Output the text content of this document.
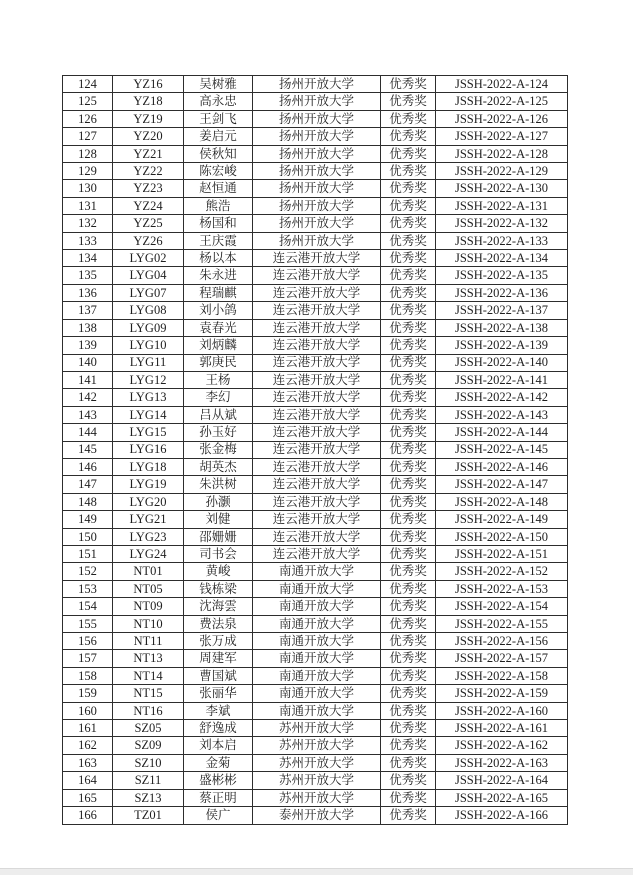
124	YZ16	吴树雅	扬州开放大学	优秀奖	JSSH-2022-A-124
125	YZ18	高永忠	扬州开放大学	优秀奖	JSSH-2022-A-125
126	YZ19	王剑飞	扬州开放大学	优秀奖	JSSH-2022-A-126
127	YZ20	姜启元	扬州开放大学	优秀奖	JSSH-2022-A-127
128	YZ21	侯秋知	扬州开放大学	优秀奖	JSSH-2022-A-128
129	YZ22	陈宏峻	扬州开放大学	优秀奖	JSSH-2022-A-129
130	YZ23	赵恒通	扬州开放大学	优秀奖	JSSH-2022-A-130
131	YZ24	熊浩	扬州开放大学	优秀奖	JSSH-2022-A-131
132	YZ25	杨国和	扬州开放大学	优秀奖	JSSH-2022-A-132
133	YZ26	王庆霞	扬州开放大学	优秀奖	JSSH-2022-A-133
134	LYG02	杨以本	连云港开放大学	优秀奖	JSSH-2022-A-134
135	LYG04	朱永进	连云港开放大学	优秀奖	JSSH-2022-A-135
136	LYG07	程瑞麒	连云港开放大学	优秀奖	JSSH-2022-A-136
137	LYG08	刘小鸽	连云港开放大学	优秀奖	JSSH-2022-A-137
138	LYG09	袁春光	连云港开放大学	优秀奖	JSSH-2022-A-138
139	LYG10	刘炳麟	连云港开放大学	优秀奖	JSSH-2022-A-139
140	LYG11	郭庚民	连云港开放大学	优秀奖	JSSH-2022-A-140
141	LYG12	王杨	连云港开放大学	优秀奖	JSSH-2022-A-141
142	LYG13	李幻	连云港开放大学	优秀奖	JSSH-2022-A-142
143	LYG14	吕从斌	连云港开放大学	优秀奖	JSSH-2022-A-143
144	LYG15	孙玉好	连云港开放大学	优秀奖	JSSH-2022-A-144
145	LYG16	张金梅	连云港开放大学	优秀奖	JSSH-2022-A-145
146	LYG18	胡英杰	连云港开放大学	优秀奖	JSSH-2022-A-146
147	LYG19	朱洪树	连云港开放大学	优秀奖	JSSH-2022-A-147
148	LYG20	孙灏	连云港开放大学	优秀奖	JSSH-2022-A-148
149	LYG21	刘健	连云港开放大学	优秀奖	JSSH-2022-A-149
150	LYG23	邵姗姗	连云港开放大学	优秀奖	JSSH-2022-A-150
151	LYG24	司书会	连云港开放大学	优秀奖	JSSH-2022-A-151
152	NT01	黄峻	南通开放大学	优秀奖	JSSH-2022-A-152
153	NT05	钱栋梁	南通开放大学	优秀奖	JSSH-2022-A-153
154	NT09	沈海雲	南通开放大学	优秀奖	JSSH-2022-A-154
155	NT10	费法泉	南通开放大学	优秀奖	JSSH-2022-A-155
156	NT11	张万成	南通开放大学	优秀奖	JSSH-2022-A-156
157	NT13	周建军	南通开放大学	优秀奖	JSSH-2022-A-157
158	NT14	曹国斌	南通开放大学	优秀奖	JSSH-2022-A-158
159	NT15	张丽华	南通开放大学	优秀奖	JSSH-2022-A-159
160	NT16	李斌	南通开放大学	优秀奖	JSSH-2022-A-160
161	SZ05	舒逸成	苏州开放大学	优秀奖	JSSH-2022-A-161
162	SZ09	刘本启	苏州开放大学	优秀奖	JSSH-2022-A-162
163	SZ10	金菊	苏州开放大学	优秀奖	JSSH-2022-A-163
164	SZ11	盛彬彬	苏州开放大学	优秀奖	JSSH-2022-A-164
165	SZ13	蔡正明	苏州开放大学	优秀奖	JSSH-2022-A-165
166	TZ01	侯广	泰州开放大学	优秀奖	JSSH-2022-A-166
